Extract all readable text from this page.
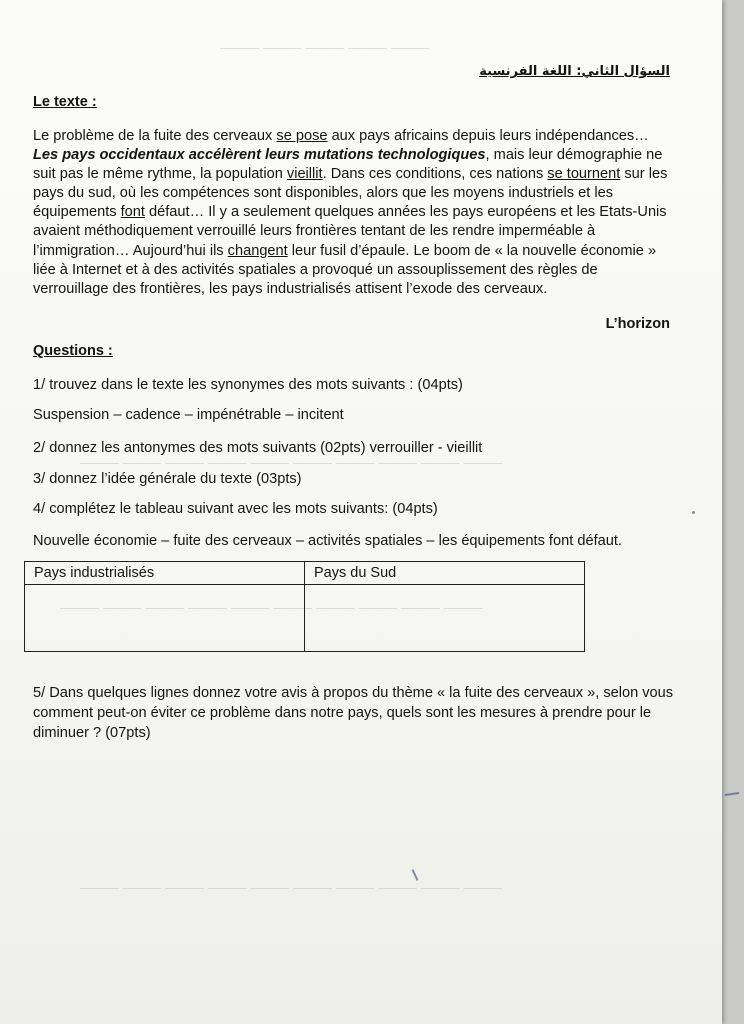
——— ——— ——— ——— ———
——— ——— ——— ——— ——— ——— ——— ——— ——— ———
——— ——— ——— ——— ——— ——— ——— ——— ——— ———
——— ——— ——— ——— ——— ——— ——— ——— ——— ———
السؤال الثاني: اللغة الفرنسية
Le texte :

Le problème de la fuite des cerveaux se pose aux pays africains depuis leurs indépendances… Les pays occidentaux accélèrent leurs mutations technologiques, mais leur démographie ne suit pas le même rythme, la population vieillit. Dans ces conditions, ces nations se tournent sur les pays du sud, où les compétences sont disponibles, alors que les moyens industriels et les équipements font défaut… Il y a seulement quelques années les pays européens et les Etats-Unis avaient méthodiquement verrouillé leurs frontières tentant de les rendre imperméable à l’immigration… Aujourd’hui ils changent leur fusil d’épaule. Le boom de « la nouvelle économie » liée à Internet et à des activités spatiales a provoqué un assouplissement des règles de verrouillage des frontières, les pays industrialisés attisent l’exode des cerveaux.

L’horizon
Questions :
1/ trouvez dans le texte les synonymes des mots suivants : (04pts)
Suspension – cadence – impénétrable – incitent
2/ donnez les antonymes des mots suivants (02pts) verrouiller - vieillit
3/ donnez l’idée générale du texte (03pts)
4/ complétez le tableau suivant avec les mots suivants: (04pts)
Nouvelle économie – fuite des cerveaux – activités spatiales – les équipements font défaut.
Pays industrialisés	Pays du Sud

5/ Dans quelques lignes donnez votre avis à propos du thème « la fuite des cerveaux », selon vous comment peut-on éviter ce problème dans notre pays, quels sont les mesures à prendre pour le diminuer ? (07pts)
